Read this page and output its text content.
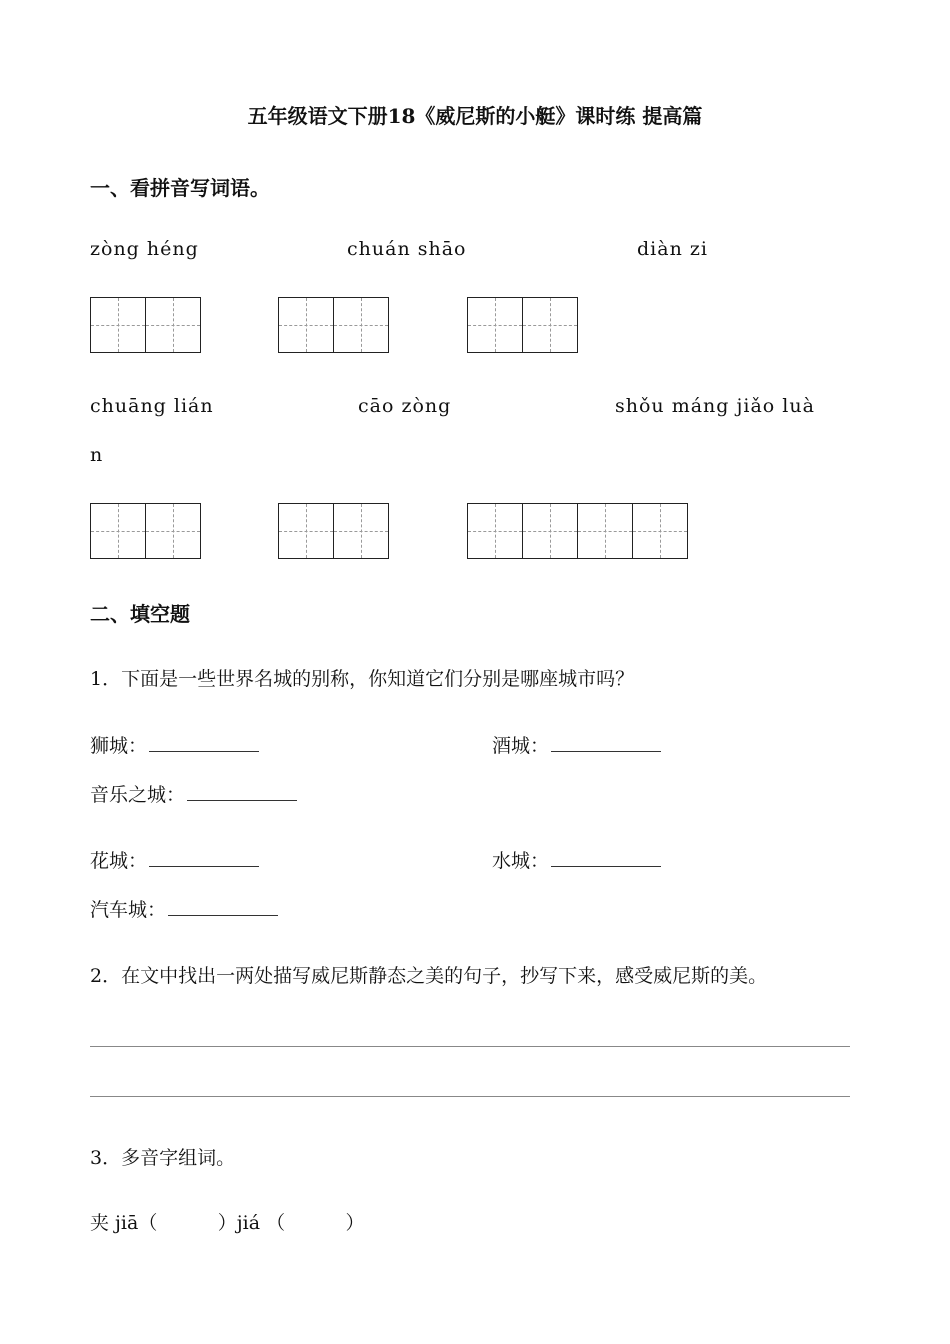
五年级语文下册18《威尼斯的小艇》课时练 提高篇
一、看拼音写词语。
zòng héng	chuán shāo	diàn zi
chuāng lián	cāo zòng	shǒu máng jiǎo luà
n
二、填空题
1．下面是一些世界名城的别称，你知道它们分别是哪座城市吗？
狮城：	酒城：
音乐之城：
花城：	水城：
汽车城：
2．在文中找出一两处描写威尼斯静态之美的句子，抄写下来，感受威尼斯的美。
3．多音字组词。
夹 jiā（          ）jiá （          ）
